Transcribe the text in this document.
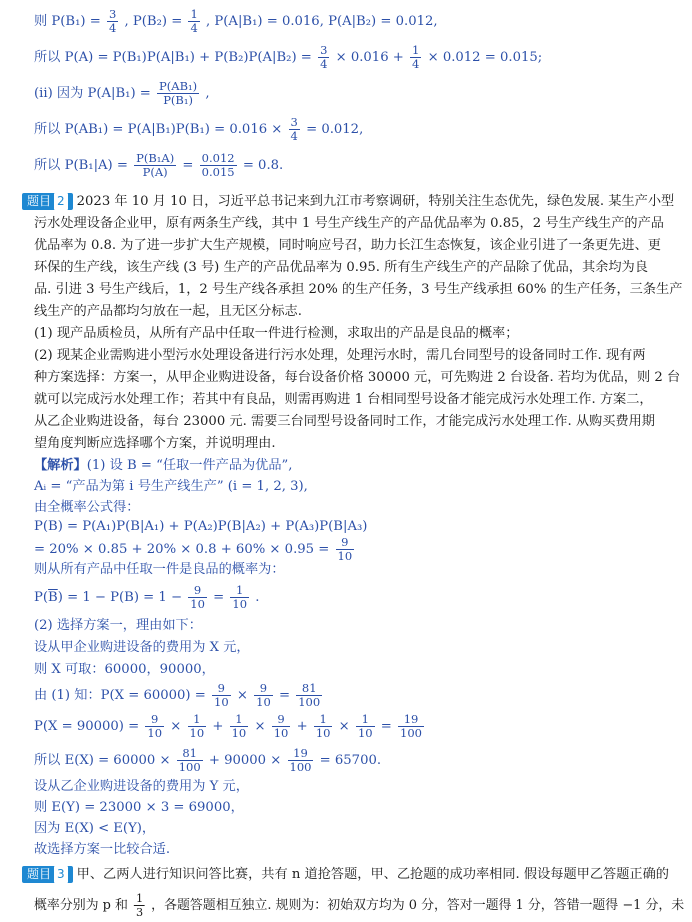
则 $P(B_1) = \frac{3}{4}$ , $P(B_2) = \frac{1}{4}$ , P(A|B₁) = 0.016, P(A|B₂) = 0.012,
所以 $P(A) = P(B_1)P(A|B_1) + P(B_2)P(A|B_2) = \frac{3}{4} \times 0.016 + \frac{1}{4} \times 0.012 = 0.015$;
(ii) 因为 $P(A|B_1) = \frac{\text{P(AB₁)}}{\text{P(B₁)}}$ ,
所以 $P(AB_1) = P(A|B_1)P(B_1) = 0.016 \times \frac{3}{4} = 0.012$,
所以 $P(B_1|A) = \frac{\text{P(B₁A)}}{P(A)} = \frac{0.012}{0.015} = 0.8$.
题目 2 2023 年 10 月 10 日，习近平总书记来到九江市考察调研，特别关注生态优先，绿色发展. 某生产小型
污水处理设备企业甲，原有两条生产线，其中 1 号生产线生产的产品优品率为 0.85，2 号生产线生产的产品
优品率为 0.8. 为了进一步扩大生产规模，同时响应号召，助力长江生态恢复，该企业引进了一条更先进、更
环保的生产线，该生产线 (3 号) 生产的产品优品率为 0.95. 所有生产线生产的产品除了优品，其余均为良
品. 引进 3 号生产线后，1，2 号生产线各承担 20% 的生产任务，3 号生产线承担 60% 的生产任务，三条生产
线生产的产品都均匀放在一起，且无区分标志.
(1) 现产品质检员，从所有产品中任取一件进行检测，求取出的产品是良品的概率；
(2) 现某企业需购进小型污水处理设备进行污水处理，处理污水时，需几台同型号的设备同时工作. 现有两
种方案选择：方案一，从甲企业购进设备，每台设备价格 30000 元，可先购进 2 台设备. 若均为优品，则 2 台
就可以完成污水处理工作；若其中有良品，则需再购进 1 台相同型号设备才能完成污水处理工作. 方案二，
从乙企业购进设备，每台 23000 元. 需要三台同型号设备同时工作，才能完成污水处理工作. 从购买费用期
望角度判断应选择哪个方案，并说明理由.
【解析】(1) 设 B = “任取一件产品为优品”,
Aᵢ = “产品为第 i 号生产线生产” (i = 1, 2, 3),
由全概率公式得：
P(B) = P(A₁)P(B|A₁) + P(A₂)P(B|A₂) + P(A₃)P(B|A₃)
= $20\% \times 0.85 + 20\% \times 0.8 + 60\% \times 0.95 = \frac{9}{10}$
则从所有产品中任取一件是良品的概率为：
$P(\overline{B}) = 1 - P(B) = 1 - \frac{9}{10} = \frac{1}{10}$ .
(2) 选择方案一，理由如下：
设从甲企业购进设备的费用为 X 元，
则 X 可取：60000，90000，
由 (1) 知：$P(X = 60000) = \frac{9}{10} \times \frac{9}{10} = \frac{81}{100}$
$P(X = 90000) = \frac{9}{10} \times \frac{1}{10} + \frac{1}{10} \times \frac{9}{10} + \frac{1}{10} \times \frac{1}{10} = \frac{19}{100}$
所以 $E(X) = 60000 \times \frac{81}{100} + 90000 \times \frac{19}{100} = 65700$.
设从乙企业购进设备的费用为 Y 元，
则 E(Y) = 23000 × 3 = 69000，
因为 E(X) < E(Y)，
故选择方案一比较合适.
题目 3 甲、乙两人进行知识问答比赛，共有 n 道抢答题，甲、乙抢题的成功率相同. 假设每题甲乙答题正确的
概率分别为 p 和 $\frac{1}{3}$ ，各题答题相互独立. 规则为：初始双方均为 0 分，答对一题得 1 分，答错一题得 −1 分，未
